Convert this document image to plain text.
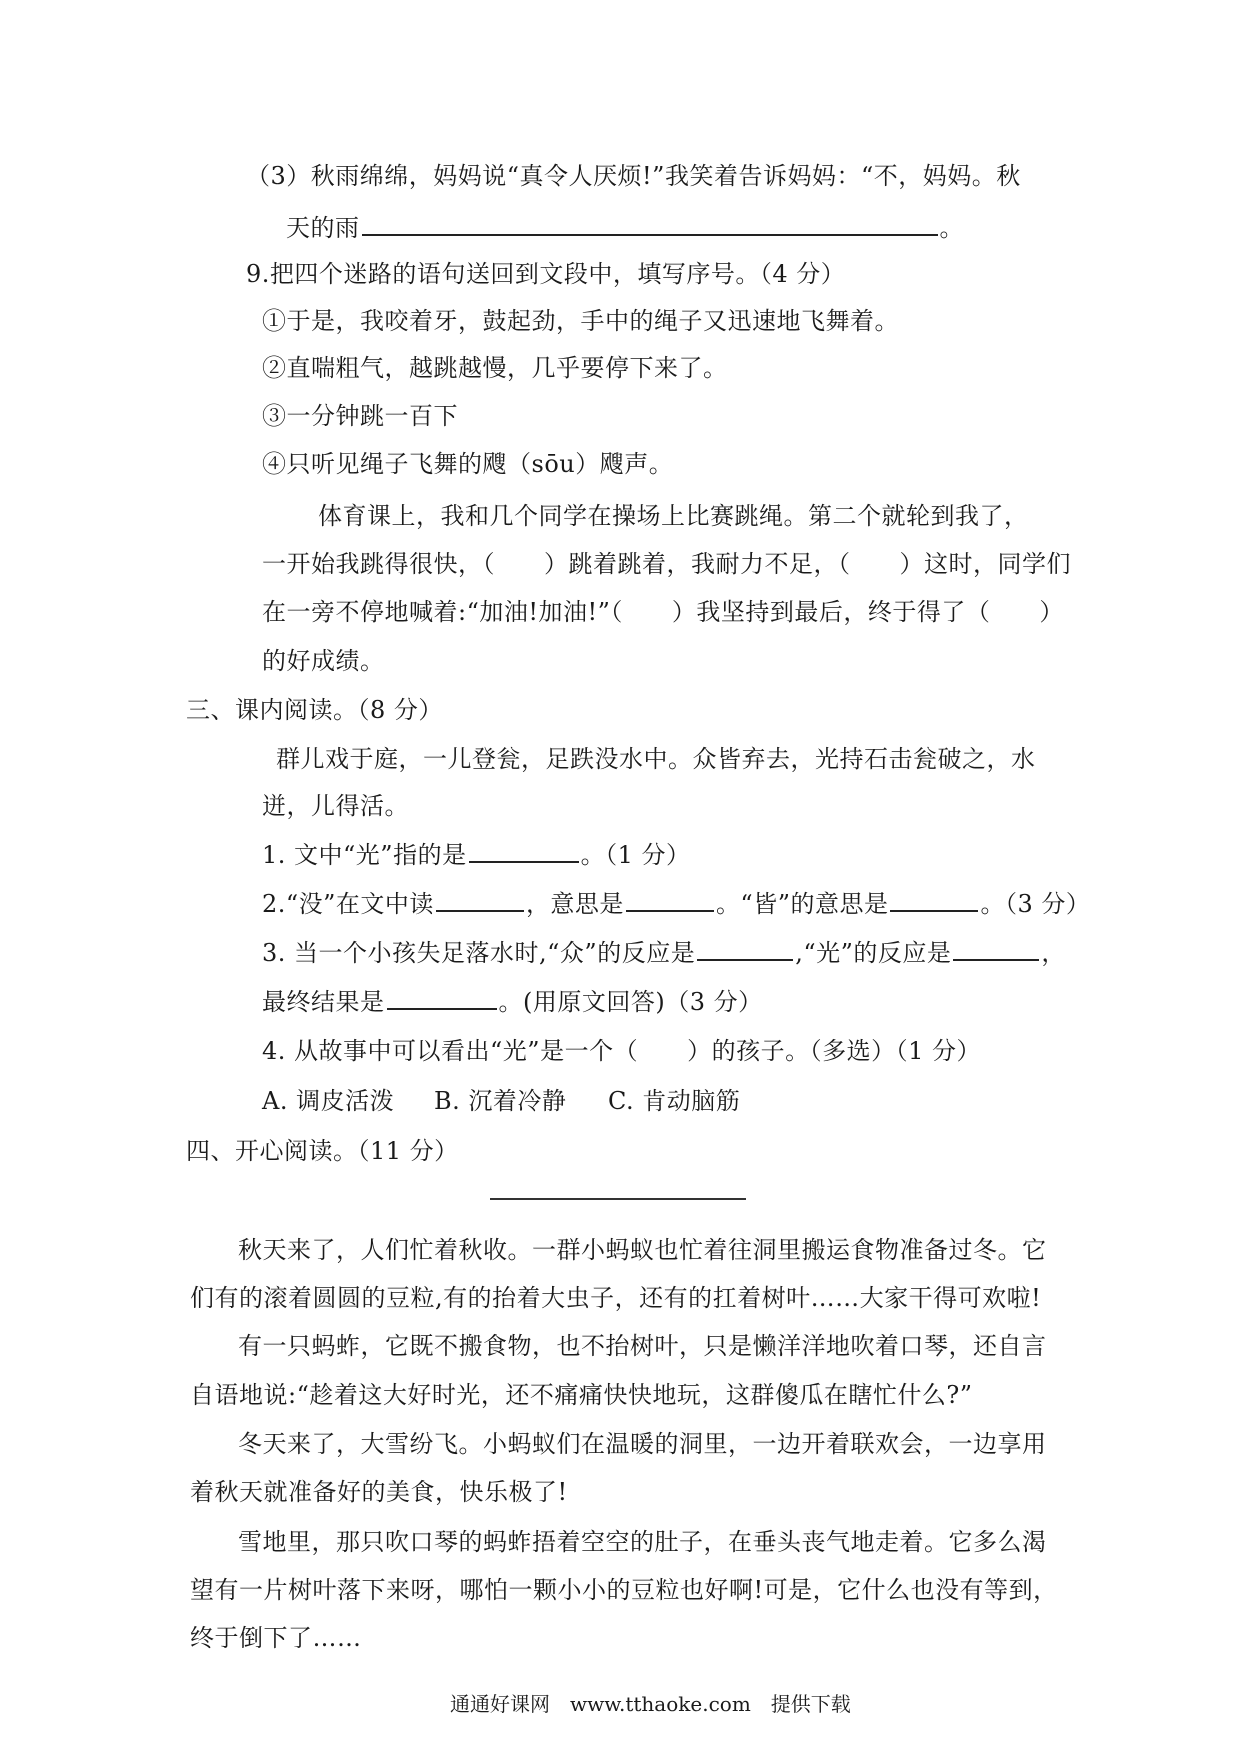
（3）秋雨绵绵，妈妈说“真令人厌烦!”我笑着告诉妈妈：“不，妈妈。秋
天的雨	。
9.把四个迷路的语句送回到文段中，填写序号。（4 分）
①于是，我咬着牙，鼓起劲，手中的绳子又迅速地飞舞着。
②直喘粗气，越跳越慢，几乎要停下来了。
③一分钟跳一百下
④只听见绳子飞舞的飕（sōu）飕声。
体育课上，我和几个同学在操场上比赛跳绳。第二个就轮到我了，
一开始我跳得很快，（　　）跳着跳着，我耐力不足，（　　）这时，同学们
在一旁不停地喊着:“加油!加油!”（　　）我坚持到最后，终于得了（　　）
的好成绩。
三、课内阅读。（8 分）
群儿戏于庭，一儿登瓮，足跌没水中。众皆弃去，光持石击瓮破之，水
迸，儿得活。
1. 文中“光”指的是	。（1 分）
2.“没”在文中读	，意思是	。“皆”的意思是	。（3 分）
3. 当一个小孩失足落水时,“众”的反应是	,“光”的反应是	，
最终结果是	。(用原文回答)（3 分）
4. 从故事中可以看出“光”是一个（　　）的孩子。（多选）（1 分）
A. 调皮活泼 B. 沉着冷静 C. 肯动脑筋
四、开心阅读。（11 分）
秋天来了，人们忙着秋收。一群小蚂蚁也忙着往洞里搬运食物准备过冬。它
们有的滚着圆圆的豆粒,有的抬着大虫子，还有的扛着树叶……大家干得可欢啦!
有一只蚂蚱，它既不搬食物，也不抬树叶，只是懒洋洋地吹着口琴，还自言
自语地说:“趁着这大好时光，还不痛痛快快地玩，这群傻瓜在瞎忙什么?”
冬天来了，大雪纷飞。小蚂蚁们在温暖的洞里，一边开着联欢会，一边享用
着秋天就准备好的美食，快乐极了!
雪地里，那只吹口琴的蚂蚱捂着空空的肚子，在垂头丧气地走着。它多么渴
望有一片树叶落下来呀，哪怕一颗小小的豆粒也好啊!可是，它什么也没有等到，
终于倒下了……
通通好课网　www.tthaoke.com　提供下载
